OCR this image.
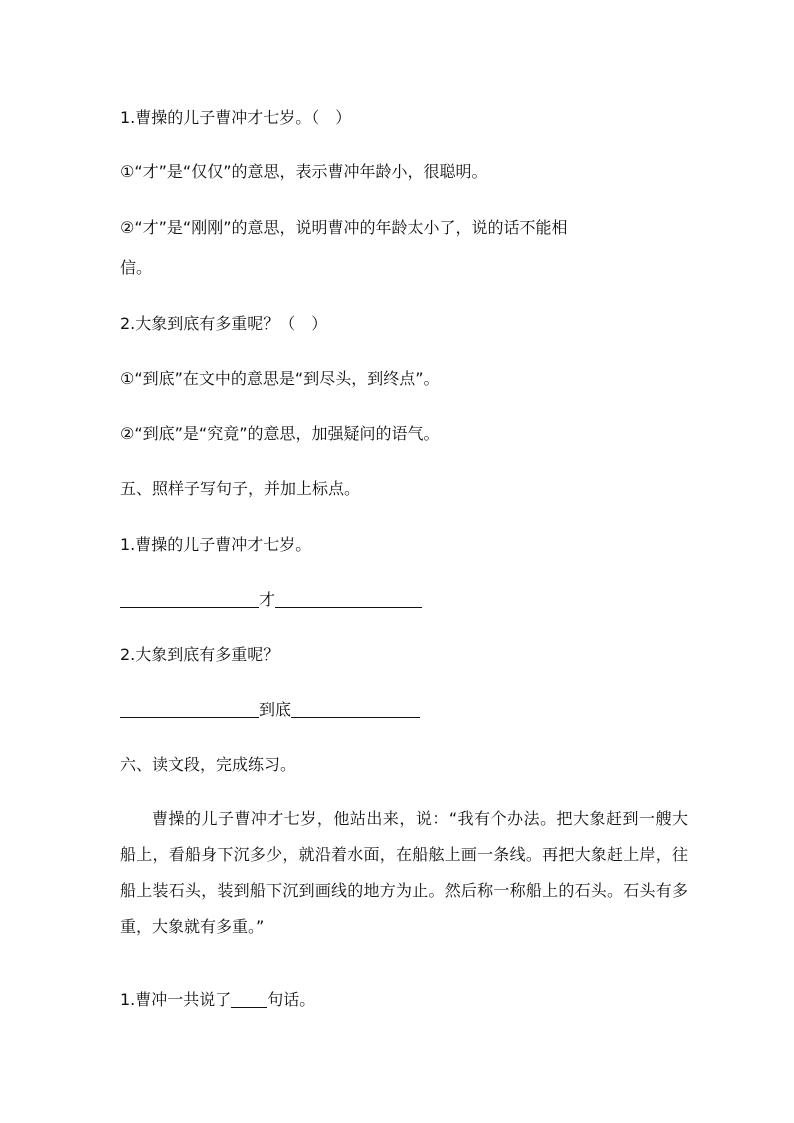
1.曹操的儿子曹冲才七岁。（　）
①“才”是“仅仅”的意思，表示曹冲年龄小，很聪明。
②“才”是“刚刚”的意思，说明曹冲的年龄太小了，说的话不能相
信。
2.大象到底有多重呢？（　）
①“到底”在文中的意思是“到尽头，到终点”。
②“到底”是“究竟”的意思，加强疑问的语气。
五、照样子写句子，并加上标点。
1.曹操的儿子曹冲才七岁。
才
2.大象到底有多重呢？
到底
六、读文段，完成练习。
曹操的儿子曹冲才七岁，他站出来，说：“我有个办法。把大象赶到一艘大船上，看船身下沉多少，就沿着水面，在船舷上画一条线。再把大象赶上岸，往船上装石头，装到船下沉到画线的地方为止。然后称一称船上的石头。石头有多重，大象就有多重。”
1.曹冲一共说了 句话。
